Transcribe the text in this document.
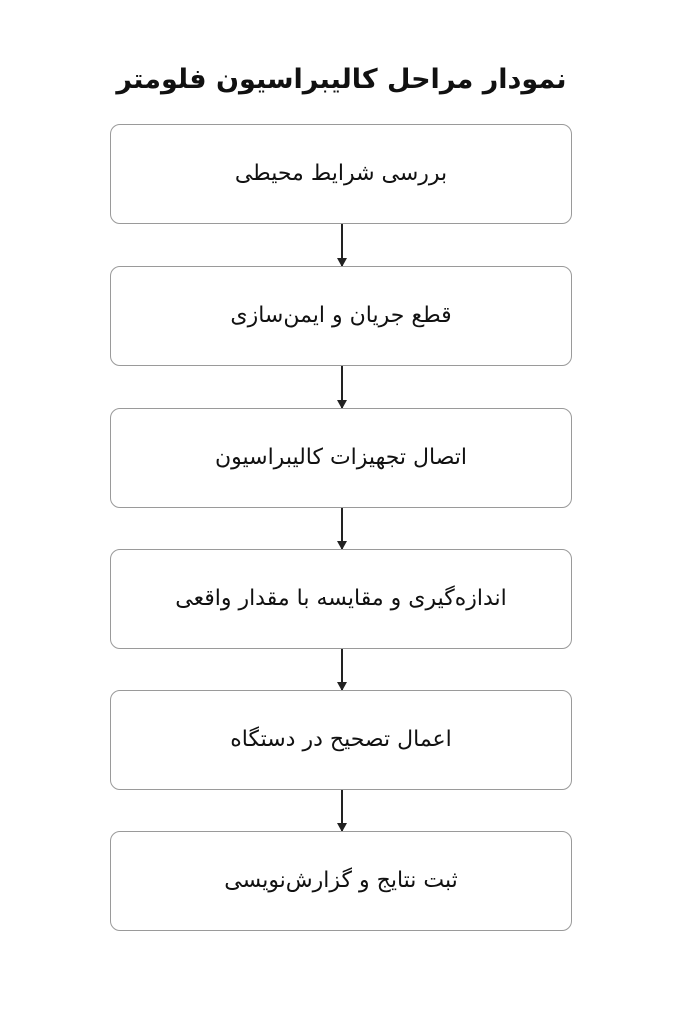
نمودار مراحل کالیبراسیون فلومتر
بررسی شرایط محیطی
قطع جریان و ایمن‌سازی
اتصال تجهیزات کالیبراسیون
اندازه‌گیری و مقایسه با مقدار واقعی
اعمال تصحیح در دستگاه
ثبت نتایج و گزارش‌نویسی
